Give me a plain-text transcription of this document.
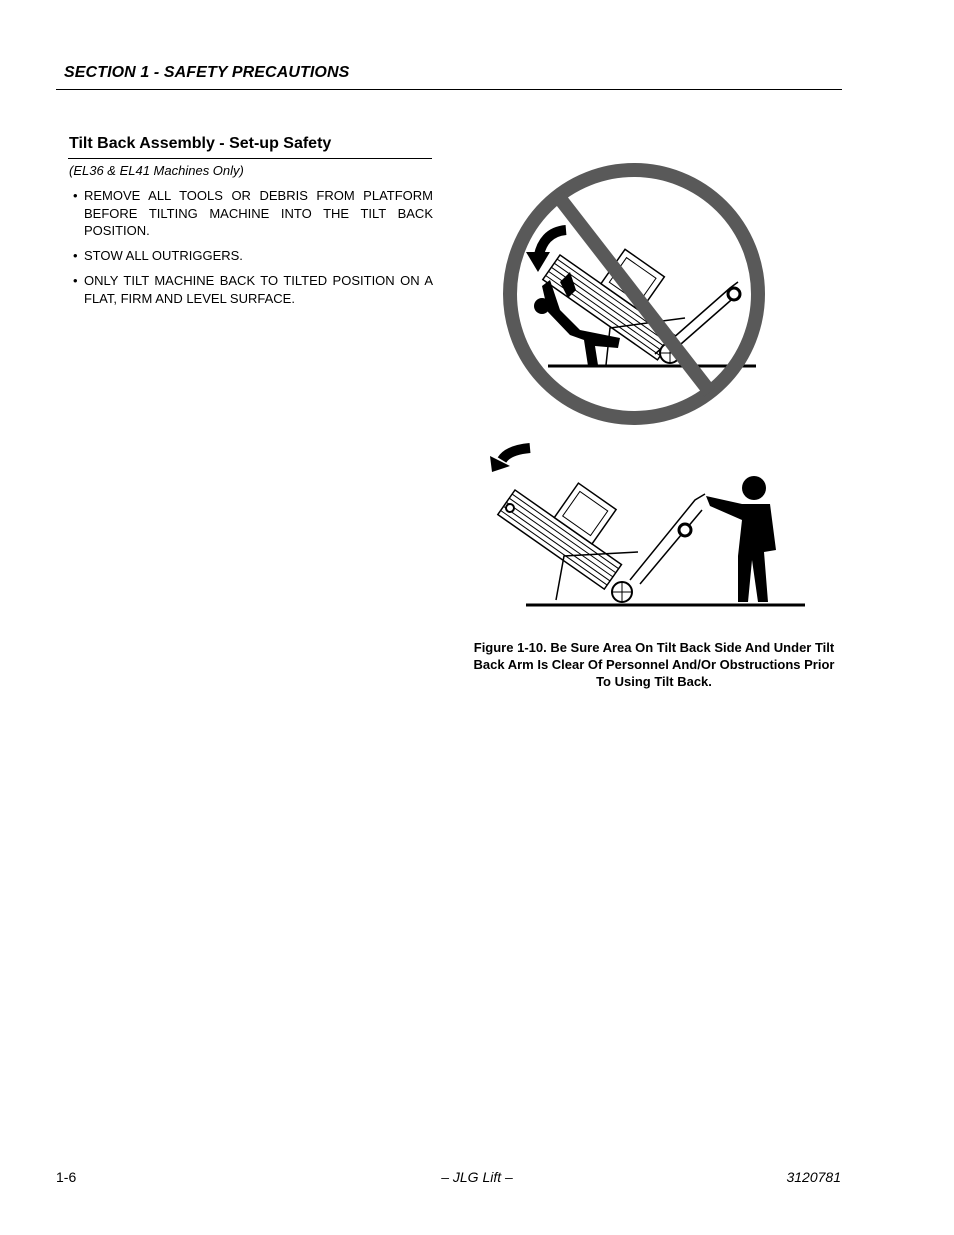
SECTION 1 - SAFETY PRECAUTIONS
Tilt Back Assembly - Set-up Safety
(EL36 & EL41 Machines Only)
• REMOVE ALL TOOLS OR DEBRIS FROM PLATFORM BEFORE TILTING MACHINE INTO THE TILT BACK POSITION.
• STOW ALL OUTRIGGERS.
• ONLY TILT MACHINE BACK TO TILTED POSITION ON A FLAT, FIRM AND LEVEL SURFACE.
Figure 1-10. Be Sure Area On Tilt Back Side And Under Tilt Back Arm Is Clear Of Personnel And/Or Obstructions Prior To Using Tilt Back.
1-6	– JLG Lift –	3120781
